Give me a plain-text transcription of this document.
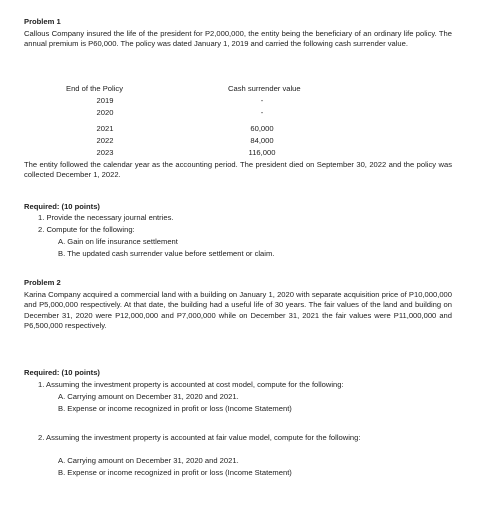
Problem 1
Callous Company insured the life of the president for P2,000,000, the entity being the beneficiary of an ordinary life policy. The annual premium is P60,000. The policy was dated January 1, 2019 and carried the following cash surrender value.
End of the Policy	Cash surrender value
2019	-
2020	-
2021	60,000
2022	84,000
2023	116,000
The entity followed the calendar year as the accounting period. The president died on September 30, 2022 and the policy was collected December 1, 2022.
Required: (10 points)
1. Provide the necessary journal entries.
2. Compute for the following:
A. Gain on life insurance settlement
B. The updated cash surrender value before settlement or claim.
Problem 2
Karina Company acquired a commercial land with a building on January 1, 2020 with separate acquisition price of P10,000,000 and P5,000,000 respectively. At that date, the building had a useful life of 30 years. The fair values of the land and building on December 31, 2020 were P12,000,000 and P7,000,000 while on December 31, 2021 the fair values were P11,000,000 and P6,500,000 respectively.
Required: (10 points)
1. Assuming the investment property is accounted at cost model, compute for the following:
A. Carrying amount on December 31, 2020 and 2021.
B. Expense or income recognized in profit or loss (Income Statement)
2. Assuming the investment property is accounted at fair value model, compute for the following:
A. Carrying amount on December 31, 2020 and 2021.
B. Expense or income recognized in profit or loss (Income Statement)
